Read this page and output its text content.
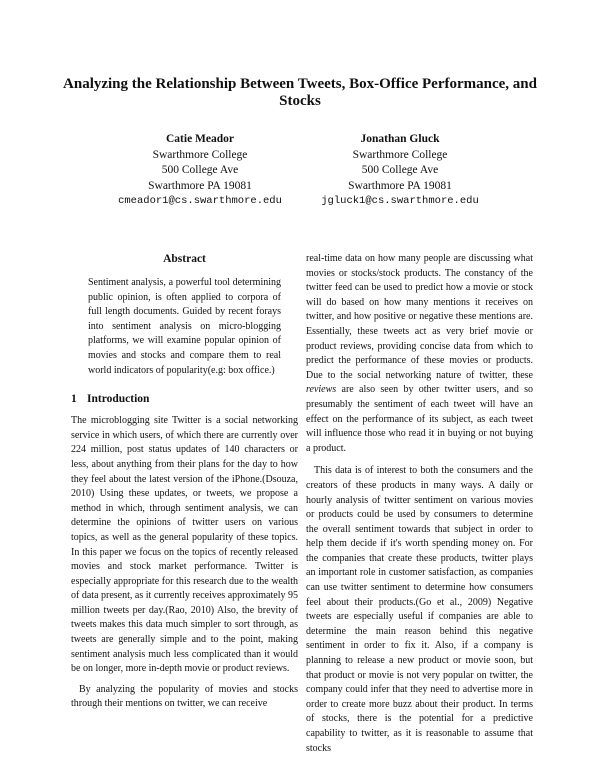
Analyzing the Relationship Between Tweets, Box-Office Performance, and Stocks
Catie Meador
Swarthmore College
500 College Ave
Swarthmore PA 19081
cmeador1@cs.swarthmore.edu
Jonathan Gluck
Swarthmore College
500 College Ave
Swarthmore PA 19081
jgluck1@cs.swarthmore.edu
Abstract
Sentiment analysis, a powerful tool determining public opinion, is often applied to corpora of full length documents. Guided by recent forays into sentiment analysis on micro-blogging platforms, we will examine popular opinion of movies and stocks and compare them to real world indicators of popularity(e.g: box office.)
1 Introduction

The microblogging site Twitter is a social networking service in which users, of which there are currently over 224 million, post status updates of 140 characters or less, about anything from their plans for the day to how they feel about the latest version of the iPhone.(Dsouza, 2010) Using these updates, or tweets, we propose a method in which, through sentiment analysis, we can determine the opinions of twitter users on various topics, as well as the general popularity of these topics. In this paper we focus on the topics of recently released movies and stock market performance. Twitter is especially appropriate for this research due to the wealth of data present, as it currently receives approximately 95 million tweets per day.(Rao, 2010) Also, the brevity of tweets makes this data much simpler to sort through, as tweets are generally simple and to the point, making sentiment analysis much less complicated than it would be on longer, more in-depth movie or product reviews.

By analyzing the popularity of movies and stocks through their mentions on twitter, we can receive

real-time data on how many people are discussing what movies or stocks/stock products. The constancy of the twitter feed can be used to predict how a movie or stock will do based on how many mentions it receives on twitter, and how positive or negative these mentions are. Essentially, these tweets act as very brief movie or product reviews, providing concise data from which to predict the performance of these movies or products. Due to the social networking nature of twitter, these reviews are also seen by other twitter users, and so presumably the sentiment of each tweet will have an effect on the performance of its subject, as each tweet will influence those who read it in buying or not buying a product.

This data is of interest to both the consumers and the creators of these products in many ways. A daily or hourly analysis of twitter sentiment on various movies or products could be used by consumers to determine the overall sentiment towards that subject in order to help them decide if it's worth spending money on. For the companies that create these products, twitter plays an important role in customer satisfaction, as companies can use twitter sentiment to determine how consumers feel about their products.(Go et al., 2009) Negative tweets are especially useful if companies are able to determine the main reason behind this negative sentiment in order to fix it. Also, if a company is planning to release a new product or movie soon, but that product or movie is not very popular on twitter, the company could infer that they need to advertise more in order to create more buzz about their product. In terms of stocks, there is the potential for a predictive capability to twitter, as it is reasonable to assume that stocks
